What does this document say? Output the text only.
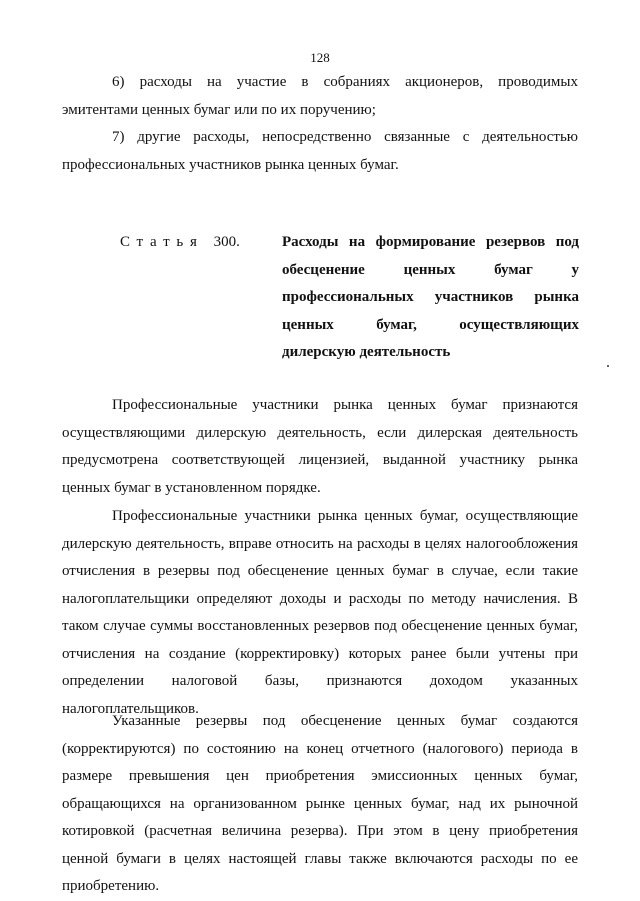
128

6) расходы на участие в собраниях акционеров, проводимых эмитентами ценных бумаг или по их поручению;

7) другие расходы, непосредственно связанные с деятельностью профессиональных участников рынка ценных бумаг.

Статья 300.	Расходы на формирование резервов под обесценение ценных бумаг у профессиональных участников рынка ценных бумаг, осуществляющих дилерскую деятельность

Профессиональные участники рынка ценных бумаг признаются осуществляющими дилерскую деятельность, если дилерская деятельность предусмотрена соответствующей лицензией, выданной участнику рынка ценных бумаг в установленном порядке.

Профессиональные участники рынка ценных бумаг, осуществляющие дилерскую деятельность, вправе относить на расходы в целях налогообложения отчисления в резервы под обесценение ценных бумаг в случае, если такие налогоплательщики определяют доходы и расходы по методу начисления. В таком случае суммы восстановленных резервов под обесценение ценных бумаг, отчисления на создание (корректировку) которых ранее были учтены при определении налоговой базы, признаются доходом указанных налогоплательщиков.

Указанные резервы под обесценение ценных бумаг создаются (корректируются) по состоянию на конец отчетного (налогового) периода в размере превышения цен приобретения эмиссионных ценных бумаг, обращающихся на организованном рынке ценных бумаг, над их рыночной котировкой (расчетная величина резерва). При этом в цену приобретения ценной бумаги в целях настоящей главы также включаются расходы по ее приобретению.
